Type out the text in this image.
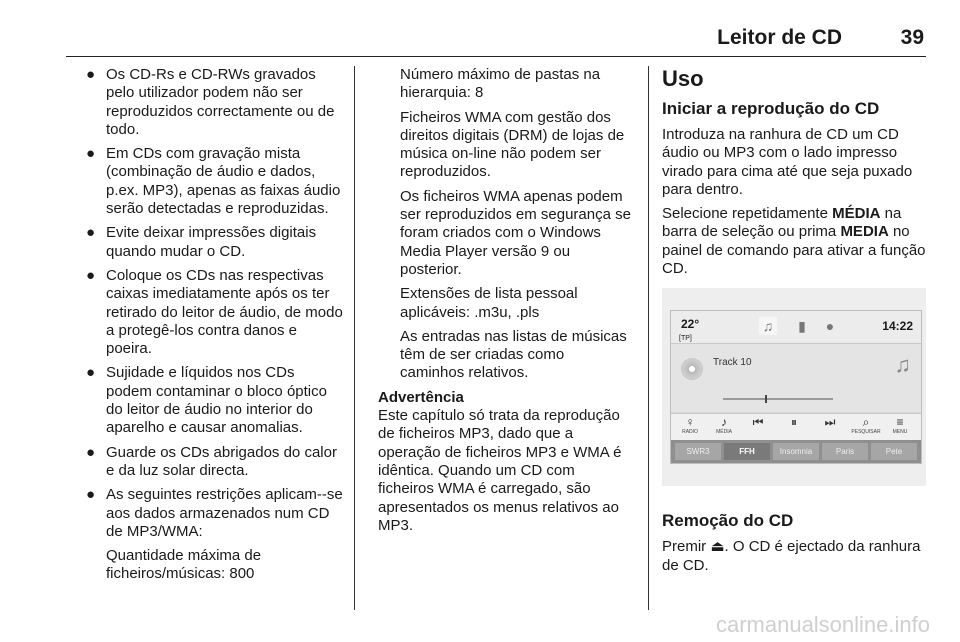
Leitor de CD	39
● Os CD-Rs e CD-RWs gravados pelo utilizador podem não ser reproduzidos correctamente ou de todo.
● Em CDs com gravação mista (combinação de áudio e dados, p.ex. MP3), apenas as faixas áudio serão detectadas e reproduzidas.
● Evite deixar impressões digitais quando mudar o CD.
● Coloque os CDs nas respectivas caixas imediatamente após os ter retirado do leitor de áudio, de modo a protegê-los contra danos e poeira.
● Sujidade e líquidos nos CDs podem contaminar o bloco óptico do leitor de áudio no interior do aparelho e causar anomalias.
● Guarde os CDs abrigados do calor e da luz solar directa.
● As seguintes restrições aplicam--se aos dados armazenados num CD de MP3/WMA:

Quantidade máxima de ficheiros/músicas: 800

Número máximo de pastas na hierarquia: 8

Ficheiros WMA com gestão dos direitos digitais (DRM) de lojas de música on-line não podem ser reproduzidos.

Os ficheiros WMA apenas podem ser reproduzidos em segurança se foram criados com o Windows Media Player versão 9 ou posterior.

Extensões de lista pessoal aplicáveis: .m3u, .pls

As entradas nas listas de músicas têm de ser criadas como caminhos relativos.

Advertência

Este capítulo só trata da reprodução de ficheiros MP3, dado que a operação de ficheiros MP3 e WMA é idêntica. Quando um CD com ficheiros WMA é carregado, são apresentados os menus relativos ao MP3.

Uso
Iniciar a reprodução do CD

Introduza na ranhura de CD um CD áudio ou MP3 com o lado impresso virado para cima até que seja puxado para dentro.

Selecione repetidamente MÉDIA na barra de seleção ou prima MEDIA no painel de comando para ativar a função CD.

22°
[TP]
♫	▮	●	14:22
Track 10	♫
♀
RADIO
♪
MÉDIA
⏮	⏸	⏭	⌕
PESQUISAR
≡
MENU
SWR3	FFH	Insomnia	Paris	Pete
Remoção do CD

Premir ⏏. O CD é ejectado da ranhura de CD.

carmanualsonline.info
